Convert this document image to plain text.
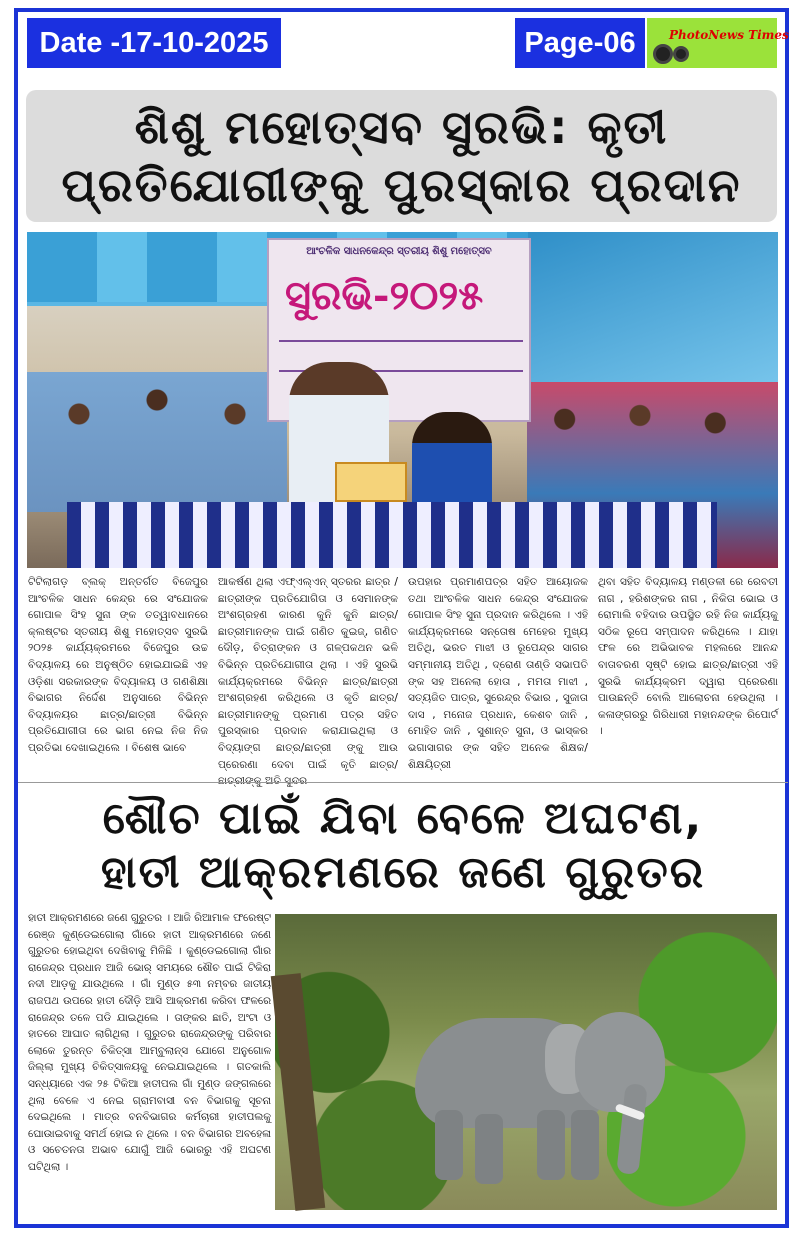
Date -17-10-2025	Page-06	PhotoNews Times
ଶିଶୁ ମହୋତ୍ସବ ସୁରଭି: କୃତୀ
ପ୍ରତିଯୋଗୀଙ୍କୁ ପୁରସ୍କାର ପ୍ରଦାନ
ଆଂଚଳିକ ସାଧନକେନ୍ଦ୍ର ସ୍ତରୀୟ ଶିଶୁ ମହୋତ୍ସବ
ସୁରଭି-୨୦୨୫

ଟିଟିଲାଗଡ଼ ବ୍ଲକ୍ ଅନ୍ତର୍ଗତ ବିଜେପୁର ଆଂଚଳିକ ସାଧନ କେନ୍ଦ୍ର ରେ ସଂଯୋଜକ ଗୋପାଳ ସିଂହ ସୁନା ଙ୍କ ତତ୍ୱାବଧାନରେ କ୍ଲଷ୍ଟର ସ୍ତରୀୟ ଶିଶୁ ମହୋତ୍ସବ ସୁରଭି ୨୦୨୫ କାର୍ଯ୍ୟକ୍ରମରେ ବିଜେପୁର ଉଚ୍ଚ ବିଦ୍ୟାଳୟ ରେ ଅନୁଷ୍ଠିତ ହୋଇଯାଇଛି ଏହ ଓଡ଼ିଶା ସରକାରଙ୍କ ବିଦ୍ୟାଳୟ ଓ ଗଣଶିକ୍ଷା ବିଭାଗର ନିର୍ଦ୍ଦେଶ ଅନୁସାରେ ବିଭିନ୍ନ ବିଦ୍ୟାଳୟର ଛାତ୍ର/ଛାତ୍ରୀ ବିଭିନ୍ନ ପ୍ରତିଯୋଗୀତା ରେ ଭାଗ ନେଇ ନିଜ ନିଜ ପ୍ରତିଭା ଦେଖାଇଥିଲେ । ବିଶେଷ ଭାବେ

ଆକର୍ଷଣ ଥିଲା ଏଫ୍‌ଏଲ୍‌ଏନ୍ ସ୍ତରର ଛାତ୍ର / ଛାତ୍ରୀଙ୍କ ପ୍ରତିଯୋଗିତା ଓ ସେମାନଙ୍କ ଅଂଶଗ୍ରହଣ କାରଣ କୁନି କୁନି ଛାତ୍ର/ ଛାତ୍ରୀମାନଙ୍କ ପାଇଁ ଗଣିତ କୁଇଜ୍, ଗଣିତ ଦୌଡ଼, ଚିତ୍ରାଙ୍କନ ଓ ଗଳ୍ପକଥନ ଭଳି ବିଭିନ୍ନ ପ୍ରତିଯୋଗୀତା ଥିଲା । ଏହି ସୁରଭି କାର୍ଯ୍ୟକ୍ରମରେ ବିଭିନ୍ନ ଛାତ୍ର/ଛାତ୍ରୀ ଅଂଶଗ୍ରହଣ କରିଥିଲେ ଓ କୃତି ଛାତ୍ର/ଛାତ୍ରୀମାନଙ୍କୁ ପ୍ରମାଣ ପତ୍ର ସହିତ ପୁରସ୍କାର ପ୍ରଦାନ କରାଯାଇଥିଲା ଓ ବିଦ୍ୟାଙ୍ଗ ଛାତ୍ର/ଛାତ୍ରୀ ଙ୍କୁ ଆଉ ପ୍ରେରଣା ଦେବା ପାଇଁ କୃତି ଛାତ୍ର/

ଉପହାର ପ୍ରମାଣପତ୍ର ସହିତ ଆୟୋଜକ ତଥା ଆଂଚଳିକ ସାଧନ କେନ୍ଦ୍ର ସଂଯୋଜକ ଗୋପାଳ ସିଂହ ସୁନା ପ୍ରଦାନ କରିଥିଲେ । ଏହି କାର୍ଯ୍ୟକ୍ରମରେ ସନ୍ତୋଷ ମେହେର ମୁଖ୍ୟ ଅତିଥି, ଭରତ ମାଝୀ ଓ ରୂପେନ୍ଦ୍ର ସାଗର ସମ୍ମାନୀୟ ଅତିଥି , ଦ୍ରୋଣ ତାଣ୍ଡି ସଭାପତି ଙ୍କ ସହ ଅନେଲା ହୋତା , ମମତା ମାଝୀ , ସତ୍ୟଜିତ ପାତ୍ର, ସୁରେନ୍ଦ୍ର ବିଭାର , ସୁଜାତା ଦାସ , ମନୋଜ ପ୍ରଧାନ, କେଶବ ଜାନି , ମୋହିତ ଜାନି , ସୁଶାନ୍ତ ସୁନା, ଓ ଭାସ୍କର ଭଗାସାଗର ଙ୍କ ସହିତ ଅନେକ ଶିକ୍ଷକ/ଶିକ୍ଷୟିତ୍ରୀ

ଥିବା ସହିତ ବିଦ୍ୟାଳୟ ମଣ୍ଡଳୀ ରେ ରେବତୀ ନାଗ , ହରିଶଙ୍କର ନାଗ , ନିକିତା ଭୋଇ ଓ ରୋମାଲି ବହିଦାର ଉପସ୍ଥିତ ରହି ନିଜ କାର୍ଯ୍ୟକୁ ସଠିକ ରୂପେ ସମ୍ପାଦନ କରିଥିଲେ । ଯାହା ଫଳ ରେ ଅଭିଭାବକ ମହଲରେ ଆନନ୍ଦ ବାତାବରଣ ସୃଷ୍ଟି ହୋଇ ଛାତ୍ର/ଛାତ୍ରୀ ଏହି ସୁରଭି କାର୍ଯ୍ୟକ୍ରମ ଦ୍ୱାରା ପ୍ରେରଣା ପାଉଛନ୍ତି ବୋଲି ଆଲୋଚନା ହେଉଥିଲା । କଳାଙ୍ଗରରୁ ଗିରିଧାରୀ ମହାନନ୍ଦଙ୍କ ରିପୋର୍ଟ ।

ଶୌଚ ପାଇଁ ଯିବା ବେଳେ ଅଘଟଣ,
ହାତୀ ଆକ୍ରମଣରେ ଜଣେ ଗୁରୁତର

ହାତୀ ଆକ୍ରମଣରେ ଜଣେ ଗୁରୁତର । ଆଜି ରିଆମାଳ ଫରେଷ୍ଟ ରେଞ୍ଜ କୁଣ୍ଡେଇଗୋଲା ଗାଁରେ ହାତୀ ଆକ୍ରମଣରେ ଜଣେ ଗୁରୁତର ହୋଇଥିବା ଦେଖିବାକୁ ମିଳିଛି । କୁଣ୍ଡେଇଗୋଲା ଗାଁର ରାଜେନ୍ଦ୍ର ପ୍ରଧାନ ଆଜି ଭୋର୍ ସମୟରେ ଶୌଚ ପାଇଁ ଟିକିରା ନଦୀ ଆଡ଼କୁ ଯାଉଥିଲେ । ଗାଁ ମୁଣ୍ଡ ୫୩ ନମ୍ବର ଜାତୀୟ ରାଜପଥ ଉପରେ ହାତୀ ଦୌଡ଼ି ଆସି ଆକ୍ରମଣ କରିବା ଫଳରେ ରାଜେନ୍ଦ୍ର ତଳେ ପଡି ଯାଇଥିଲେ । ତାଙ୍କର ଛାତି, ଅଂଟା ଓ ହାତରେ ଆଘାତ ଲାଗିଥିଲା । ଗୁରୁତର ରାଜେନ୍ଦ୍ରଙ୍କୁ ପରିବାର ଲୋକେ ତୁରନ୍ତ ଚିକିତ୍ସା ଆମ୍ବୁଲାନ୍ସ ଯୋଗେ ଅନୁଗୋଳ ଜିଲ୍ଲା ମୁଖ୍ୟ ଚିକିତ୍ସାଳୟକୁ ନେଇଯାଇଥିଲେ । ଗତକାଲି ସନ୍ଧ୍ୟାରେ ଏକ ୨୫ ଟିକିଆ ହାତୀପଲ ଗାଁ ମୁଣ୍ଡ ଜଙ୍ଗଲରେ ଥିଲା ବେଳେ ଏ ନେଇ ଗ୍ରାମବାସୀ ବନ ବିଭାଗକୁ ସୂଚନା ଦେଇଥିଲେ । ମାତ୍ର ବନବିଭାଗର କର୍ମଚାରୀ ହାତୀପଲକୁ ଘୋଉାଇବାକୁ ସମର୍ଥ ହୋଇ ନ ଥିଲେ । ବନ ବିଭାଗର ଅବହେଳା ଓ ସଚେତନତା ଅଭାବ ଯୋଗୁଁ ଆଜି ଭୋରରୁ ଏହି ଅଘଟଣ ଘଟିଥିଲା ।
